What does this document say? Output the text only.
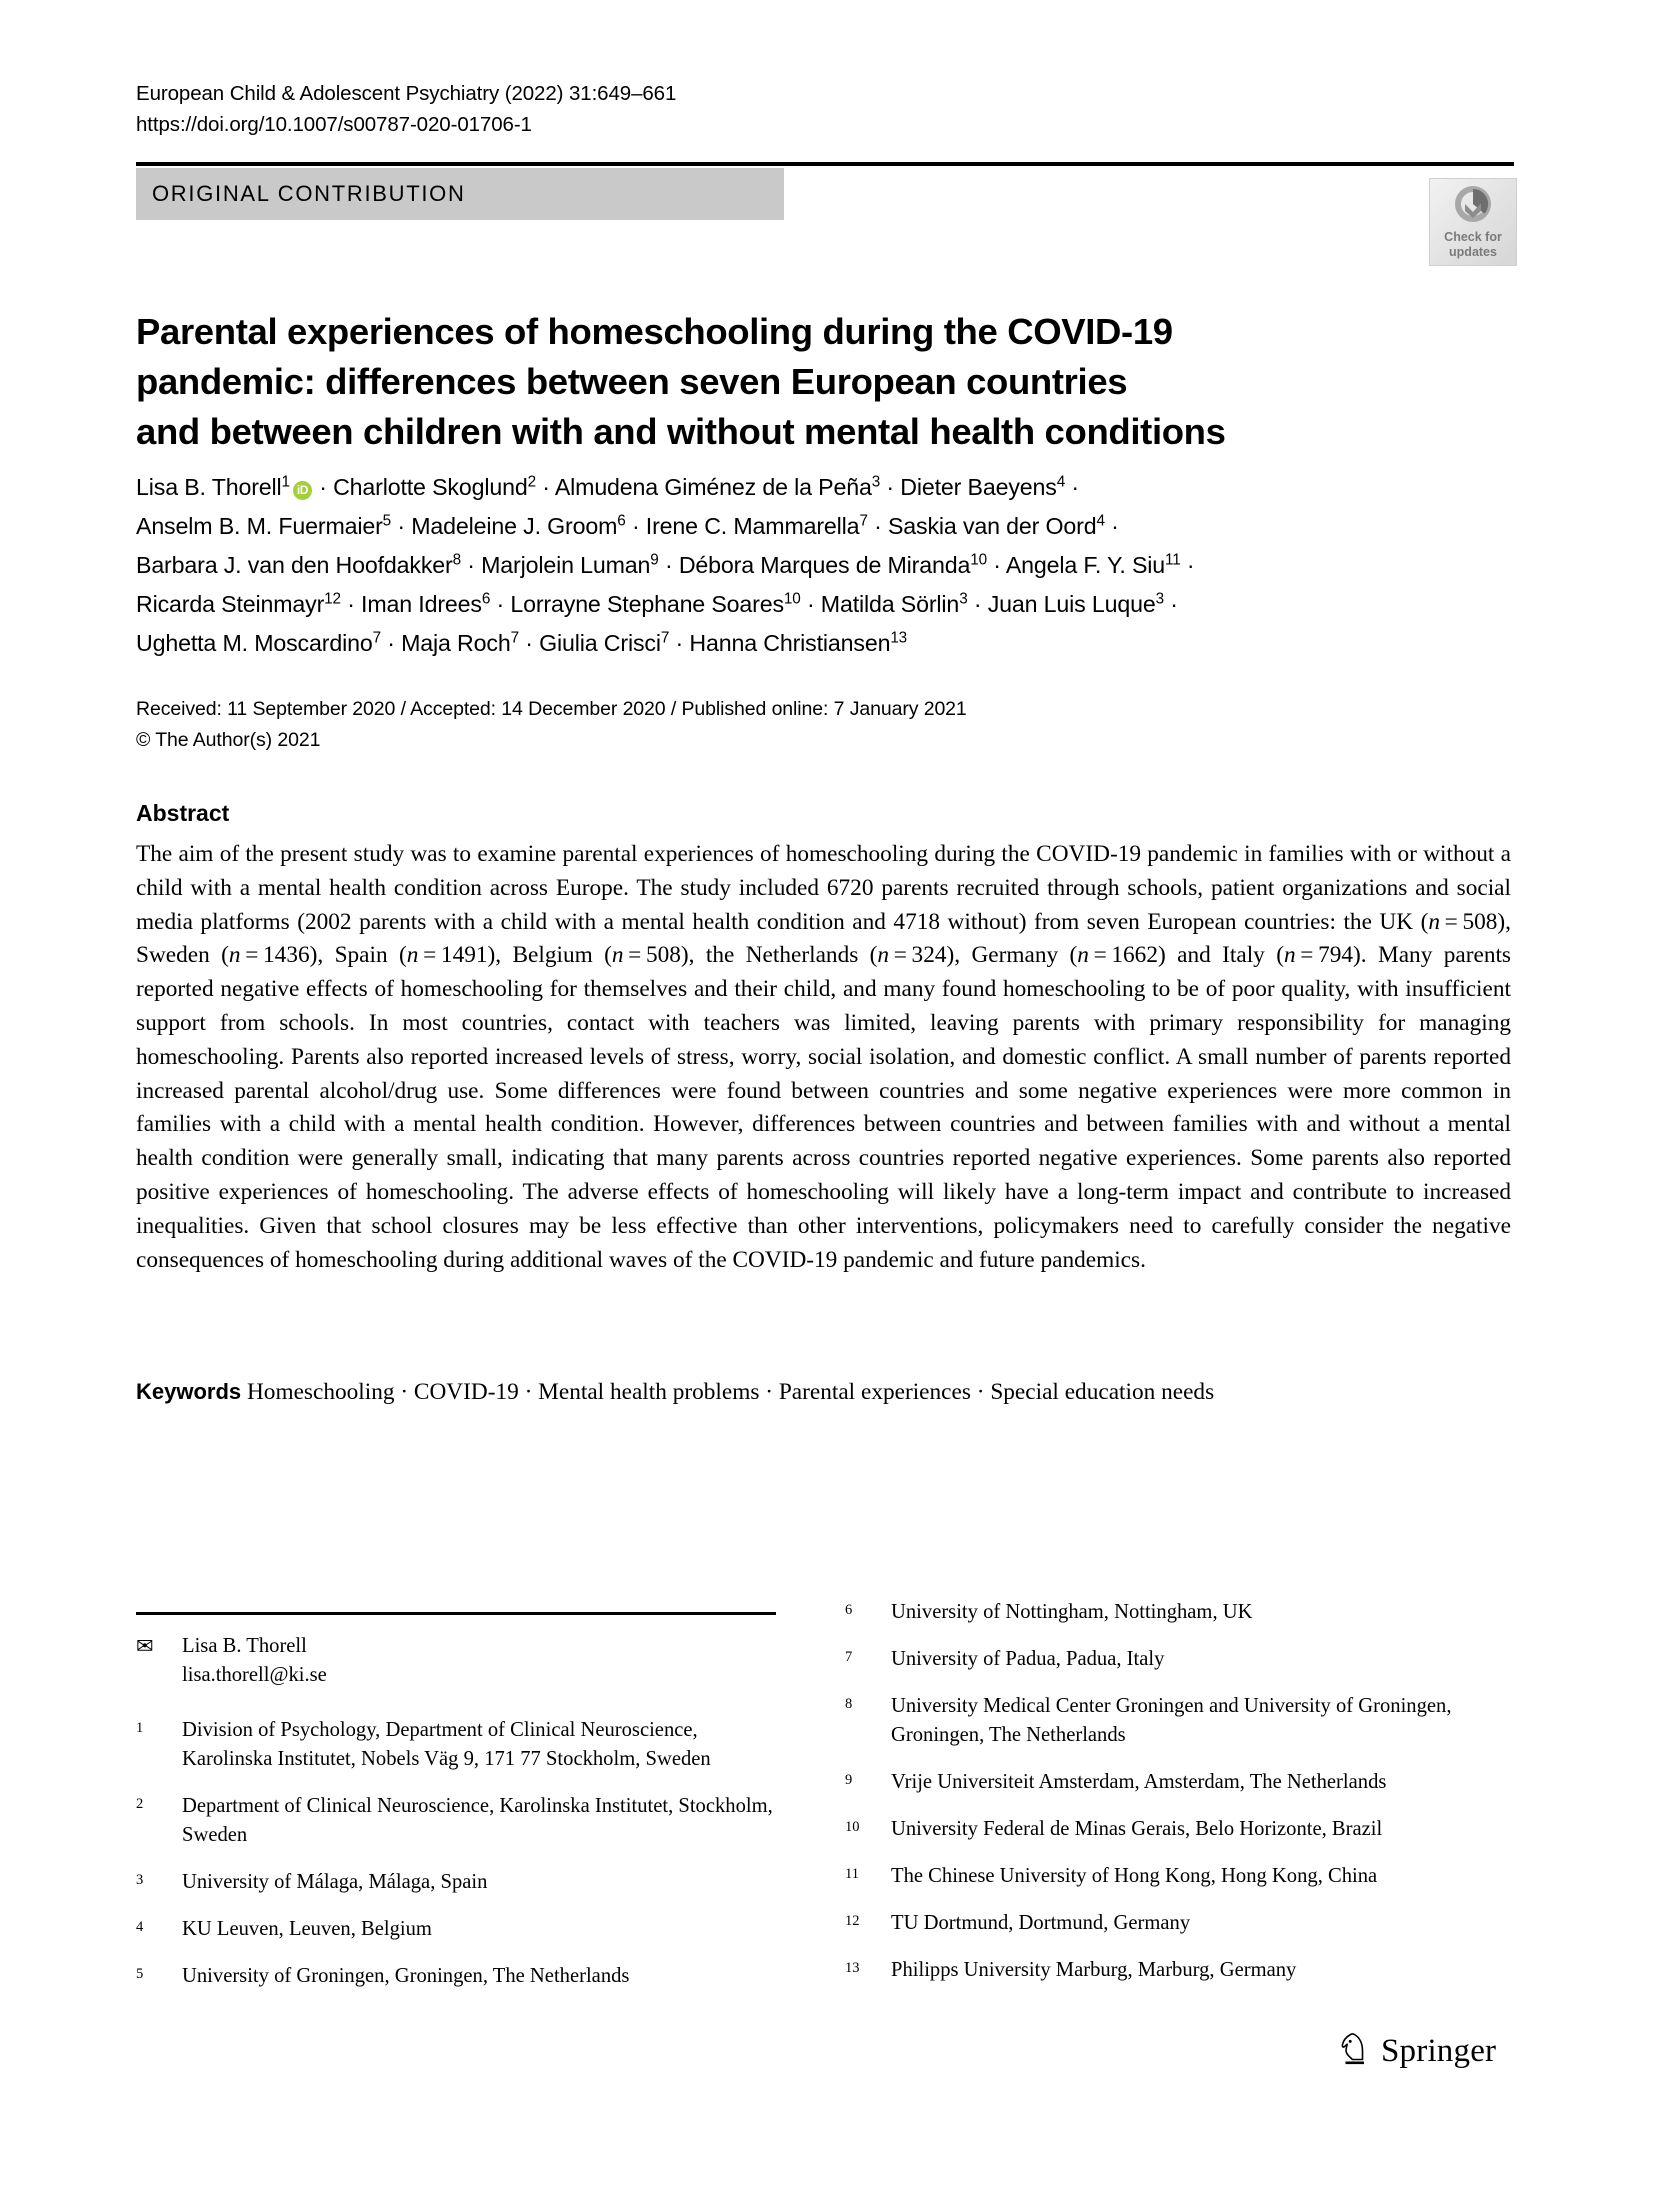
European Child & Adolescent Psychiatry (2022) 31:649–661
https://doi.org/10.1007/s00787-020-01706-1
ORIGINAL CONTRIBUTION
Check for
updates
Parental experiences of homeschooling during the COVID-19
pandemic: differences between seven European countries
and between children with and without mental health conditions
Lisa B. Thorell$^1$ iD · Charlotte Skoglund$^2$ · Almudena Giménez de la Peña$^3$ · Dieter Baeyens$^4$ ·
Anselm B. M. Fuermaier$^5$ · Madeleine J. Groom$^6$ · Irene C. Mammarella$^7$ · Saskia van der Oord$^4$ ·
Barbara J. van den Hoofdakker$^8$ · Marjolein Luman$^9$ · Débora Marques de Miranda$^{10}$ · Angela F. Y. Siu$^{11}$ ·
Ricarda Steinmayr$^{12}$ · Iman Idrees$^6$ · Lorrayne Stephane Soares$^{10}$ · Matilda Sörlin$^3$ · Juan Luis Luque$^3$ ·
Ughetta M. Moscardino$^7$ · Maja Roch$^7$ · Giulia Crisci$^7$ · Hanna Christiansen$^{13}$
Received: 11 September 2020 / Accepted: 14 December 2020 / Published online: 7 January 2021
© The Author(s) 2021
Abstract
The aim of the present study was to examine parental experiences of homeschooling during the COVID-19 pandemic in families with or without a child with a mental health condition across Europe. The study included 6720 parents recruited through schools, patient organizations and social media platforms (2002 parents with a child with a mental health condition and 4718 without) from seven European countries: the UK (n = 508), Sweden (n = 1436), Spain (n = 1491), Belgium (n = 508), the Netherlands (n = 324), Germany (n = 1662) and Italy (n = 794). Many parents reported negative effects of homeschooling for themselves and their child, and many found homeschooling to be of poor quality, with insufficient support from schools. In most countries, contact with teachers was limited, leaving parents with primary responsibility for managing homeschooling. Parents also reported increased levels of stress, worry, social isolation, and domestic conflict. A small number of parents reported increased parental alcohol/drug use. Some differences were found between countries and some negative experiences were more common in families with a child with a mental health condition. However, differences between countries and between families with and without a mental health condition were generally small, indicating that many parents across countries reported negative experiences. Some parents also reported positive experiences of homeschooling. The adverse effects of homeschooling will likely have a long-term impact and contribute to increased inequalities. Given that school closures may be less effective than other interventions, policymakers need to carefully consider the negative consequences of homeschooling during additional waves of the COVID-19 pandemic and future pandemics.
Keywords Homeschooling · COVID-19 · Mental health problems · Parental experiences · Special education needs
✉	Lisa B. Thorell
lisa.thorell@ki.se
1	Division of Psychology, Department of Clinical Neuroscience, Karolinska Institutet, Nobels Väg 9, 171 77 Stockholm, Sweden
2	Department of Clinical Neuroscience, Karolinska Institutet, Stockholm, Sweden
3	University of Málaga, Málaga, Spain
4	KU Leuven, Leuven, Belgium
5	University of Groningen, Groningen, The Netherlands
6	University of Nottingham, Nottingham, UK
7	University of Padua, Padua, Italy
8	University Medical Center Groningen and University of Groningen, Groningen, The Netherlands
9	Vrije Universiteit Amsterdam, Amsterdam, The Netherlands
10	University Federal de Minas Gerais, Belo Horizonte, Brazil
11	The Chinese University of Hong Kong, Hong Kong, China
12	TU Dortmund, Dortmund, Germany
13	Philipps University Marburg, Marburg, Germany
Springer
